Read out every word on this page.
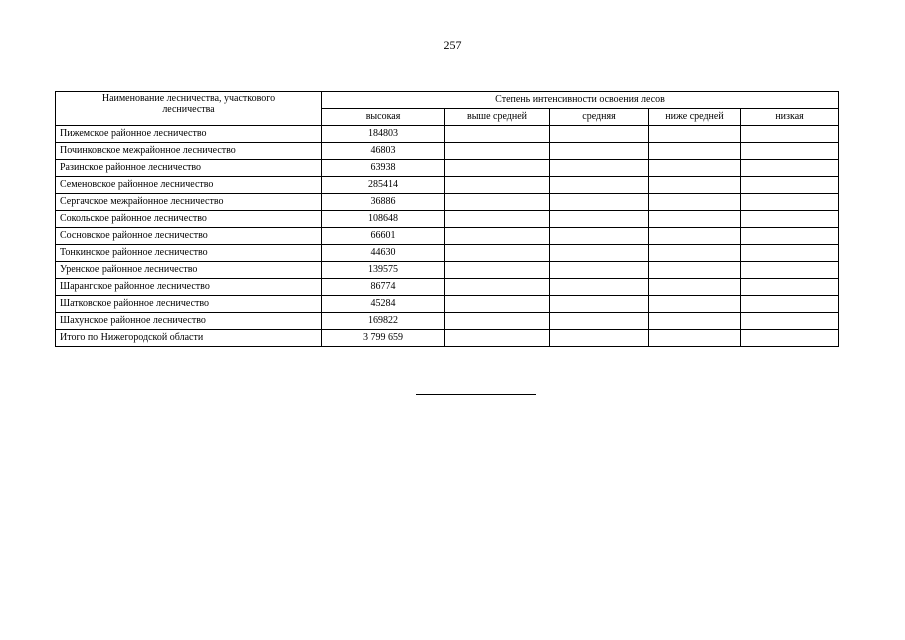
257
Наименование лесничества, участкового лесничества	Степень интенсивности освоения лесов				
	высокая	выше средней	средняя	ниже средней	низкая
Пижемское районное лесничество	184803				
Починковское межрайонное лесничество	46803				
Разинское районное лесничество	63938				
Семеновское районное лесничество	285414				
Сергачское межрайонное лесничество	36886				
Сокольское районное лесничество	108648				
Сосновское районное лесничество	66601				
Тонкинское районное лесничество	44630				
Уренское районное лесничество	139575				
Шарангское районное лесничество	86774				
Шатковское районное лесничество	45284				
Шахунское районное лесничество	169822				
Итого по Нижегородской области	3 799 659				
